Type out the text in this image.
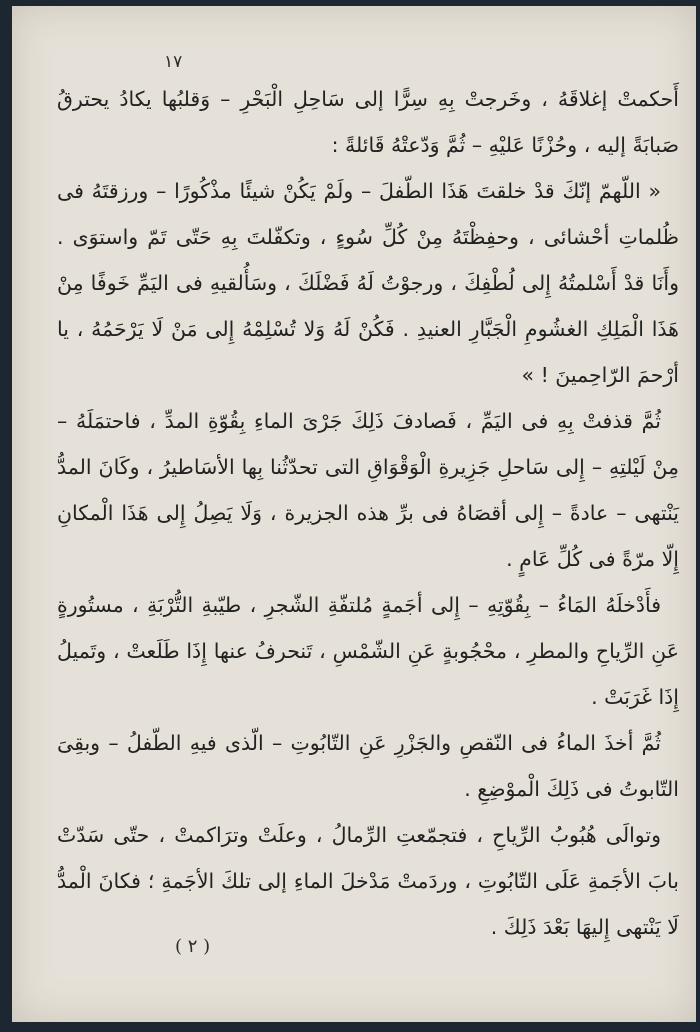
١٧

أَحكمتْ إغلاقَهُ ، وخَرجتْ بِهِ سِرًّا إلى سَاحِلِ الْبَحْرِ – وَقلبُها يكادُ يحترقُ صَبابَةً إليه ، وحُزْنًا عَليْهِ – ثُمَّ وَدّعتْهُ قَائلةً :

« اللّهمّ إنّكَ قدْ خلقتَ هَذَا الطّفلَ – ولَمْ يَكُنْ شيئًا مذْكُورًا – ورزقتَهُ فى ظُلماتِ أحْشائى ، وحفِظْتَهُ مِنْ كُلِّ سُوءٍ ، وتكفّلتَ بِهِ حَتّى تَمّ واستوَى . وأَنَا قدْ أَسْلمتُهُ إِلى لُطْفِكَ ، ورجوْتُ لَهُ فَضْلَكَ ، وسَأُلقيهِ فى اليَمِّ خَوفًا مِنْ هَذَا الْمَلِكِ الغشُومِ الْجَبَّارِ العنيدِ . فَكُنْ لَهُ وَلا تُسْلِمْهُ إِلى مَنْ لَا يَرْحَمُهُ ، يا أرْحمَ الرّاحِمينَ ! »

ثُمَّ قذفتْ بِهِ فى اليَمِّ ، فَصادفَ ذَلِكَ جَرْىَ الماءِ بِقُوّةِ المدِّ ، فاحتمَلَهُ – مِنْ لَيْلتِهِ – إِلى سَاحلِ جَزِيرةِ الْوَقْوَاقِ التى تحدّثُنا بِها الأسَاطيرُ ، وكَانَ المدُّ يَنْتهى – عادةً – إِلى أقصَاهُ فى برِّ هذه الجزيرة ، وَلَا يَصِلُ إِلى هَذَا الْمكانِ إِلّا مرّةً فى كُلِّ عَامٍ .

فأَدْخلَهُ المَاءُ – بِقُوّتِهِ – إِلى أجَمةٍ مُلتفّةِ الشّجرِ ، طيّبةِ التُّرْبَةِ ، مستُورةٍ عَنِ الرِّياحِ والمطرِ ، محْجُوبةٍ عَنِ الشّمْسِ ، تَنحرفُ عنها إِذَا طَلَعتْ ، وتَميلُ إِذَا غَرَبَتْ .

ثُمَّ أخذَ الماءُ فى النّقصِ والجَزْرِ عَنِ التّابُوتِ – الّذى فيهِ الطّفلُ – وبقِىَ التّابوتُ فى ذَلِكَ الْموْضِعِ .

وتوالَى هُبُوبُ الرِّياحِ ، فتجمّعتِ الرِّمالُ ، وعلَتْ وترَاكمتْ ، حتّى سَدّتْ بابَ الأجَمةِ عَلَى التّابُوتِ ، وردَمتْ مَدْخلَ الماءِ إلى تلكَ الأجَمةِ ؛ فكانَ الْمدُّ لَا يَنْتهى إِليهَا بَعْدَ ذَلِكَ .

( ٢ )
